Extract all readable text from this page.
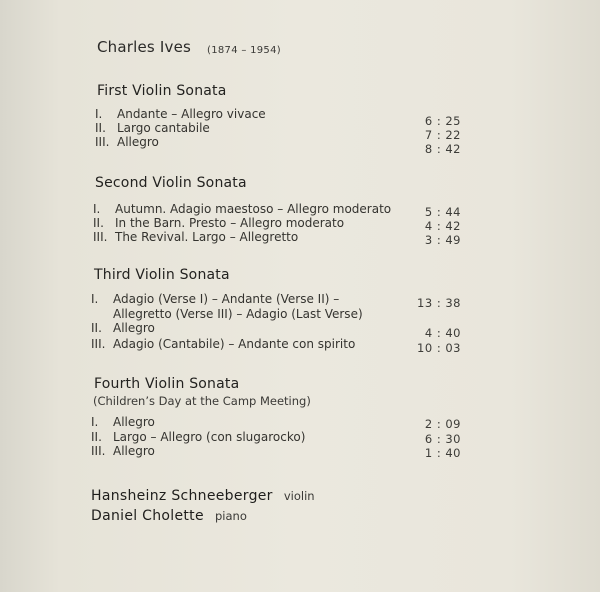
Charles Ives (1874 – 1954)
First Violin Sonata
I. Andante – Allegro vivace
II. Largo cantabile
III. Allegro
6 : 25
7 : 22
8 : 42
Second Violin Sonata
I. Autumn. Adagio maestoso – Allegro moderato
II. In the Barn. Presto – Allegro moderato
III. The Revival. Largo – Allegretto
5 : 44
4 : 42
3 : 49
Third Violin Sonata
I. Adagio (Verse I) – Andante (Verse II) –
Allegretto (Verse III) – Adagio (Last Verse)
II. Allegro
III. Adagio (Cantabile) – Andante con spirito
13 : 38
4 : 40
10 : 03
Fourth Violin Sonata
(Children’s Day at the Camp Meeting)
I. Allegro
II. Largo – Allegro (con slugarocko)
III. Allegro
2 : 09
6 : 30
1 : 40
Hansheinz Schneeberger violin
Daniel Cholette piano
